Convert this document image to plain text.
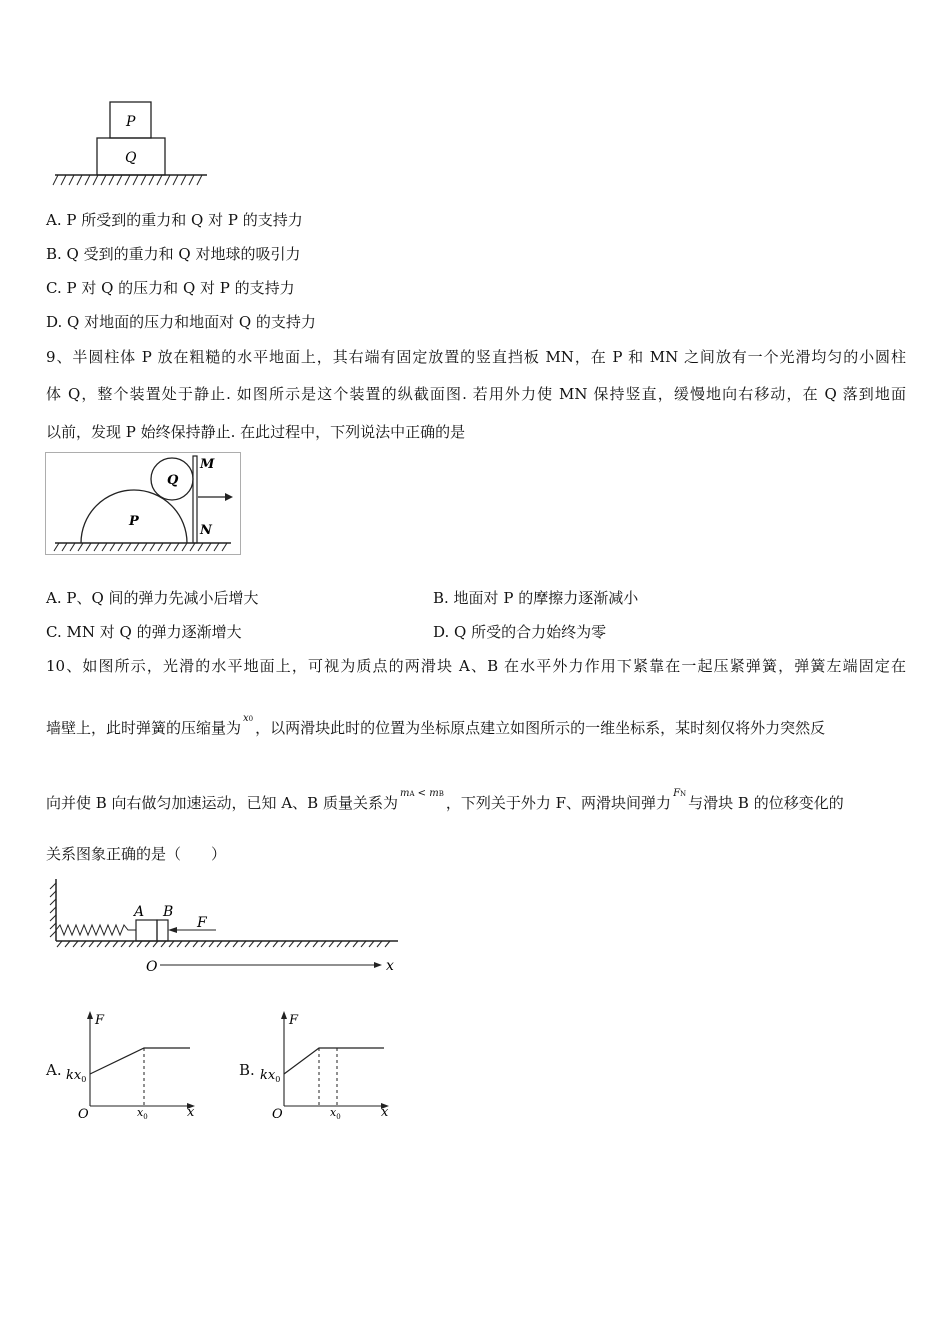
P
Q
A. P 所受到的重力和 Q 对 P 的支持力
B. Q 受到的重力和 Q 对地球的吸引力
C. P 对 Q 的压力和 Q 对 P 的支持力
D. Q 对地面的压力和地面对 Q 的支持力
9、半圆柱体 P 放在粗糙的水平地面上，其右端有固定放置的竖直挡板 MN，在 P 和 MN 之间放有一个光滑均匀的小圆柱
体 Q，整个装置处于静止. 如图所示是这个装置的纵截面图. 若用外力使 MN 保持竖直，缓慢地向右移动，在 Q 落到地面
以前，发现 P 始终保持静止. 在此过程中，下列说法中正确的是
P
Q
M
N
A. P、Q 间的弹力先减小后增大	B. 地面对 P 的摩擦力逐渐减小
C. MN 对 Q 的弹力逐渐增大	D. Q 所受的合力始终为零
10、如图所示，光滑的水平地面上，可视为质点的两滑块 A、B 在水平外力作用下紧靠在一起压紧弹簧，弹簧左端固定在
墙壁上，此时弹簧的压缩量为$^{x0}$ ，以两滑块此时的位置为坐标原点建立如图所示的一维坐标系，某时刻仅将外力突然反
向并使 B 向右做匀加速运动，已知 A、B 质量关系为$^{mA < mB}$ ，下列关于外力 F、两滑块间弹力$^{FN}$ 与滑块 B 的位移变化的
关系图象正确的是（　　）
A B
F
O	x
A.
F
x
O
$kx_0$
$x_0$
B.
F
x
O
$kx_0$
$x_0$
